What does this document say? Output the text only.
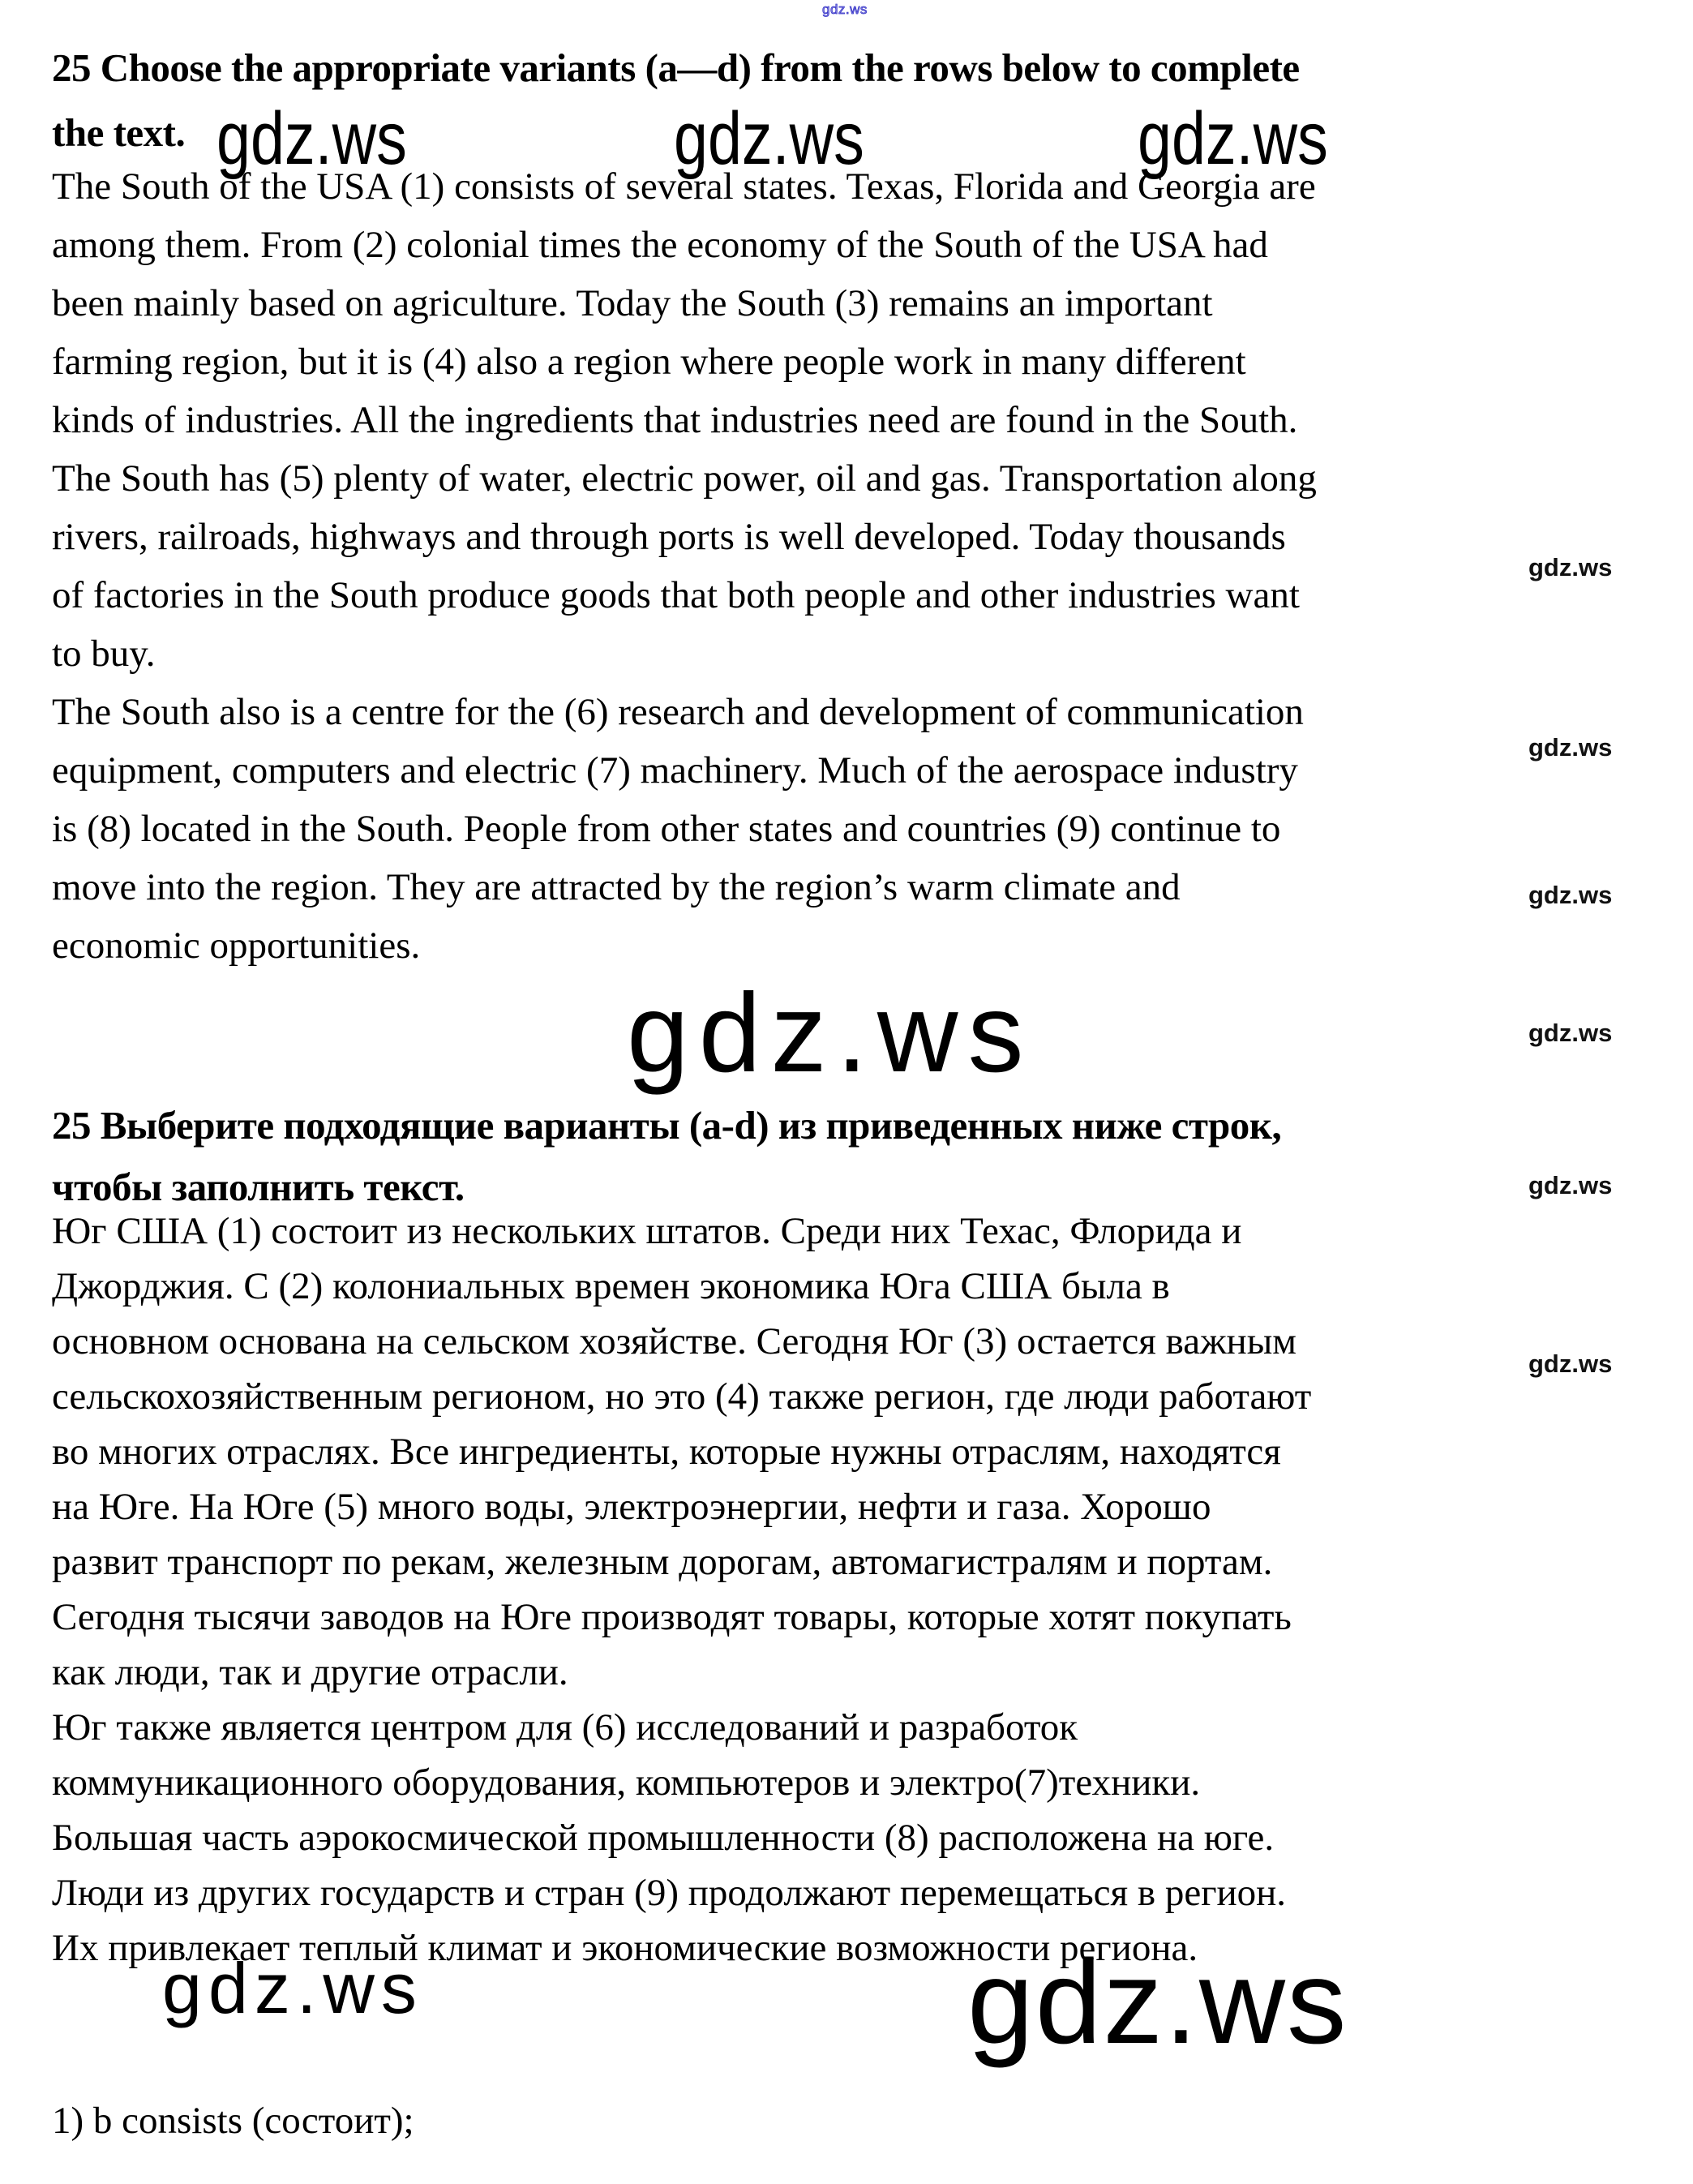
gdz.ws
gdz.ws	gdz.ws	gdz.ws
gdz.ws
gdz.ws	gdz.ws
gdz.ws
gdz.ws
gdz.ws
gdz.ws
gdz.ws
gdz.ws
25 Choose the appropriate variants (a—d) from the rows below to complete
the text.
The South of the USA (1) consists of several states. Texas, Florida and Georgia are
among them. From (2) colonial times the economy of the South of the USA had
been mainly based on agriculture. Today the South (3) remains an important
farming region, but it is (4) also a region where people work in many different
kinds of industries. All the ingredients that industries need are found in the South.
The South has (5) plenty of water, electric power, oil and gas. Transportation along
rivers, railroads, highways and through ports is well developed. Today thousands
of factories in the South produce goods that both people and other industries want
to buy.
The South also is a centre for the (6) research and development of communication
equipment, computers and electric (7) machinery. Much of the aerospace industry
is (8) located in the South. People from other states and countries (9) continue to
move into the region. They are attracted by the region’s warm climate and
economic opportunities.
25 Выберите подходящие варианты (a-d) из приведенных ниже строк,
чтобы заполнить текст.
Юг США (1) состоит из нескольких штатов. Среди них Техас, Флорида и
Джорджия. С (2) колониальных времен экономика Юга США была в
основном основана на сельском хозяйстве. Сегодня Юг (3) остается важным
сельскохозяйственным регионом, но это (4) также регион, где люди работают
во многих отраслях. Все ингредиенты, которые нужны отраслям, находятся
на Юге. На Юге (5) много воды, электроэнергии, нефти и газа. Хорошо
развит транспорт по рекам, железным дорогам, автомагистралям и портам.
Сегодня тысячи заводов на Юге производят товары, которые хотят покупать
как люди, так и другие отрасли.
Юг также является центром для (6) исследований и разработок
коммуникационного оборудования, компьютеров и электро(7)техники.
Большая часть аэрокосмической промышленности (8) расположена на юге.
Люди из других государств и стран (9) продолжают перемещаться в регион.
Их привлекает теплый климат и экономические возможности региона.
1) b consists (состоит);
